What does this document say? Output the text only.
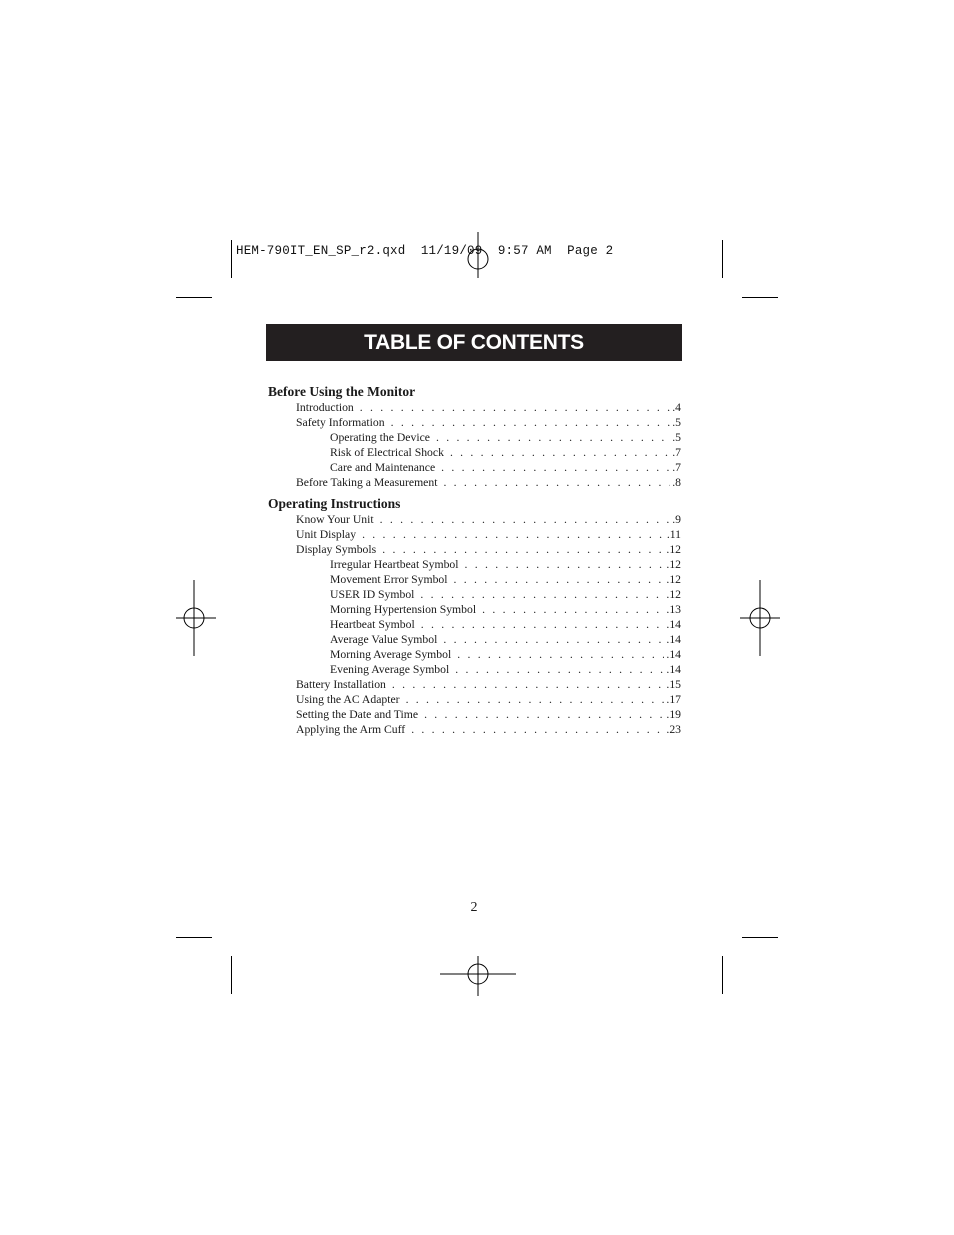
HEM-790IT_EN_SP_r2.qxd  11/19/09  9:57 AM  Page 2
TABLE OF CONTENTS
Before Using the Monitor
Introduction . . .	.4
Safety Information . . .	.5
Operating the Device . . .	.5
Risk of Electrical Shock . . .	.7
Care and Maintenance . . .	.7
Before Taking a Measurement . . .	.8
Operating Instructions
Know Your Unit . . .	.9
Unit Display . . .	.11
Display Symbols . . .	.12
Irregular Heartbeat Symbol . . .	.12
Movement Error Symbol . . .	.12
USER ID Symbol . . .	.12
Morning Hypertension Symbol . . .	.13
Heartbeat Symbol . . .	.14
Average Value Symbol . . .	.14
Morning Average Symbol . . .	.14
Evening Average Symbol . . .	.14
Battery Installation . . .	.15
Using the AC Adapter . . .	.17
Setting the Date and Time . . .	.19
Applying the Arm Cuff . . .	.23
2
